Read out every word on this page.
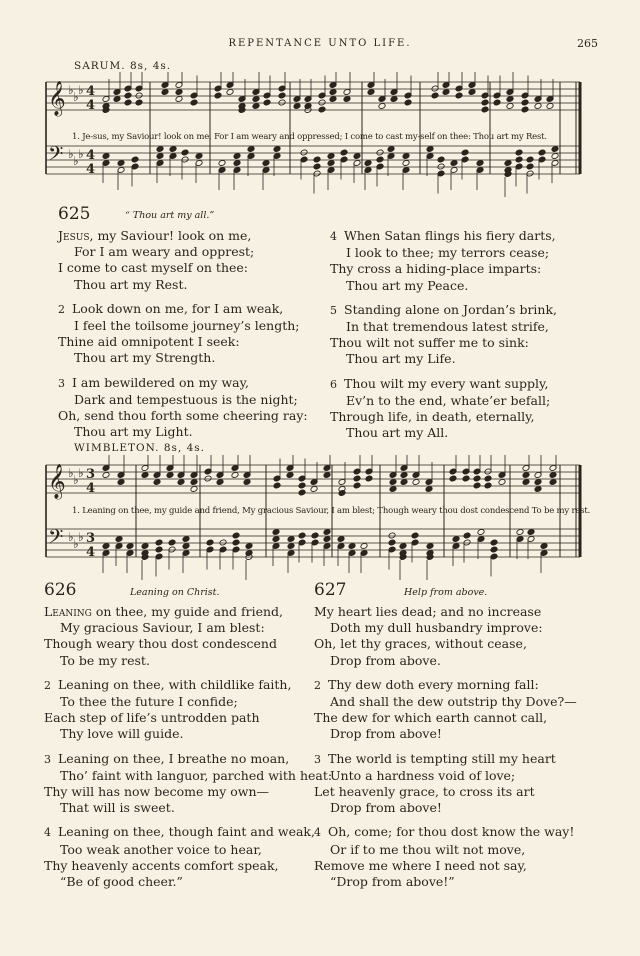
REPENTANCE UNTO LIFE.	265
SARUM. 8s, 4s.
𝄞 ♭ ♭ ♭ 4
4
𝄢 ♭ ♭ ♭ 4
4
1. Je-sus, my Saviour! look on me, For I am weary and oppressed; I come to cast my-self on thee: Thou art my Rest.
625	“ Thou art my all.”
Jesus, my Saviour! look on me,
For I am weary and opprest;
I come to cast myself on thee:
Thou art my Rest.
2 Look down on me, for I am weak,
I feel the toilsome journey’s length;
Thine aid omnipotent I seek:
Thou art my Strength.
3 I am bewildered on my way,
Dark and tempestuous is the night;
Oh, send thou forth some cheering ray:
Thou art my Light.
4 When Satan flings his fiery darts,
I look to thee; my terrors cease;
Thy cross a hiding-place imparts:
Thou art my Peace.
5 Standing alone on Jordan’s brink,
In that tremendous latest strife,
Thou wilt not suffer me to sink:
Thou art my Life.
6 Thou wilt my every want supply,
Ev’n to the end, whate’er befall;
Through life, in death, eternally,
Thou art my All.
WIMBLETON. 8s, 4s.
𝄞 ♭ ♭ ♭ 3
4
𝄢 ♭ ♭ ♭ 3
4
1. Leaning on thee, my guide and friend, My gracious Saviour, I am blest; Though weary thou dost condescend To be my rest.
626	Leaning on Christ.
Leaning on thee, my guide and friend,
My gracious Saviour, I am blest:
Though weary thou dost condescend
To be my rest.
2 Leaning on thee, with childlike faith,
To thee the future I confide;
Each step of life’s untrodden path
Thy love will guide.
3 Leaning on thee, I breathe no moan,
Tho’ faint with languor, parched with heat:
Thy will has now become my own—
That will is sweet.
4 Leaning on thee, though faint and weak,
Too weak another voice to hear,
Thy heavenly accents comfort speak,
“Be of good cheer.”
627	Help from above.
My heart lies dead; and no increase
Doth my dull husbandry improve:
Oh, let thy graces, without cease,
Drop from above.
2 Thy dew doth every morning fall:
And shall the dew outstrip thy Dove?—
The dew for which earth cannot call,
Drop from above!
3 The world is tempting still my heart
Unto a hardness void of love;
Let heavenly grace, to cross its art
Drop from above!
4 Oh, come; for thou dost know the way!
Or if to me thou wilt not move,
Remove me where I need not say,
“Drop from above!”
